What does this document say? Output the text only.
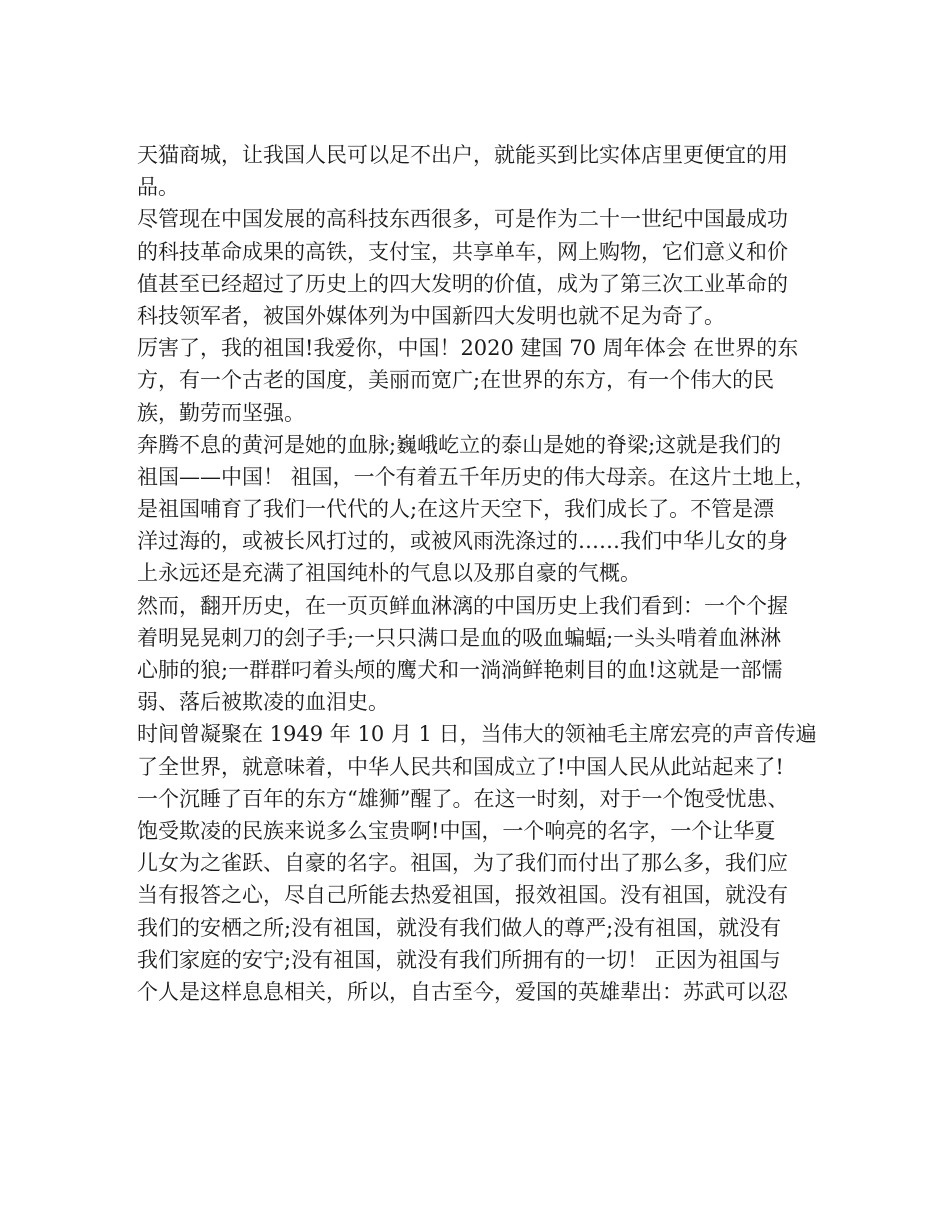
天猫商城，让我国人民可以足不出户，就能买到比实体店里更便宜的用
品。
尽管现在中国发展的高科技东西很多，可是作为二十一世纪中国最成功
的科技革命成果的高铁，支付宝，共享单车，网上购物，它们意义和价
值甚至已经超过了历史上的四大发明的价值，成为了第三次工业革命的
科技领军者，被国外媒体列为中国新四大发明也就不足为奇了。
厉害了，我的祖国!我爱你，中国！2020 建国 70 周年体会 在世界的东
方，有一个古老的国度，美丽而宽广;在世界的东方，有一个伟大的民
族，勤劳而坚强。
奔腾不息的黄河是她的血脉;巍峨屹立的泰山是她的脊梁;这就是我们的
祖国——中国！ 祖国，一个有着五千年历史的伟大母亲。在这片土地上，
是祖国哺育了我们一代代的人;在这片天空下，我们成长了。不管是漂
洋过海的，或被长风打过的，或被风雨洗涤过的……我们中华儿女的身
上永远还是充满了祖国纯朴的气息以及那自豪的气概。
然而，翻开历史，在一页页鲜血淋漓的中国历史上我们看到：一个个握
着明晃晃刺刀的刽子手;一只只满口是血的吸血蝙蝠;一头头啃着血淋淋
心肺的狼;一群群叼着头颅的鹰犬和一淌淌鲜艳刺目的血!这就是一部懦
弱、落后被欺凌的血泪史。
时间曾凝聚在 1949 年 10 月 1 日，当伟大的领袖毛主席宏亮的声音传遍
了全世界，就意味着，中华人民共和国成立了!中国人民从此站起来了!
一个沉睡了百年的东方“雄狮”醒了。在这一时刻，对于一个饱受忧患、
饱受欺凌的民族来说多么宝贵啊!中国，一个响亮的名字，一个让华夏
儿女为之雀跃、自豪的名字。祖国，为了我们而付出了那么多，我们应
当有报答之心，尽自己所能去热爱祖国，报效祖国。没有祖国，就没有
我们的安栖之所;没有祖国，就没有我们做人的尊严;没有祖国，就没有
我们家庭的安宁;没有祖国，就没有我们所拥有的一切！ 正因为祖国与
个人是这样息息相关，所以，自古至今，爱国的英雄辈出：苏武可以忍
